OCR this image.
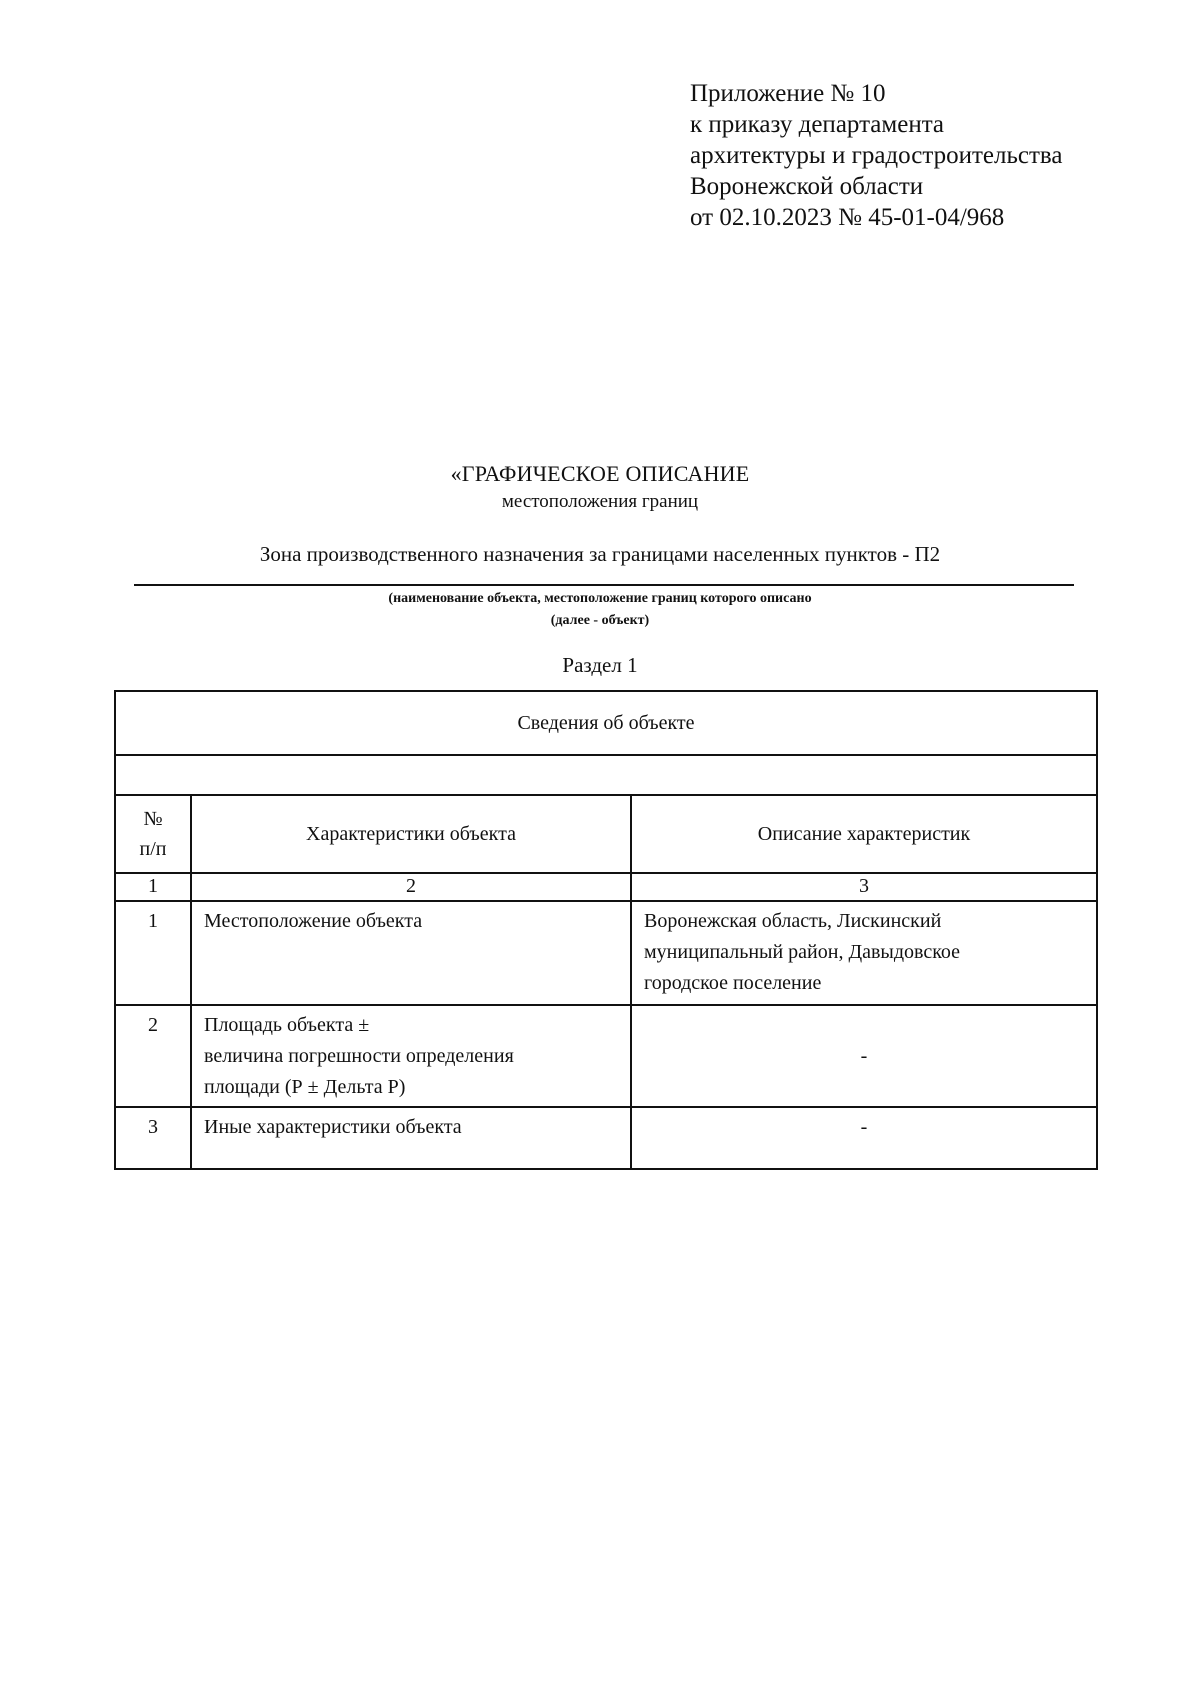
Приложение № 10
к приказу департамента
архитектуры и градостроительства
Воронежской области
от 02.10.2023 № 45-01-04/968
«ГРАФИЧЕСКОЕ ОПИСАНИЕ
местоположения границ
Зона производственного назначения за границами населенных пунктов - П2
(наименование объекта, местоположение границ которого описано
(далее - объект)
Раздел 1
Сведения об объекте		

№
п/п	Характеристики объекта	Описание характеристик
1	2	3
1	Местоположение объекта	Воронежская область, Лискинский
муниципальный район, Давыдовское
городское поселение

2	Площадь объекта ±
величина погрешности определения
площади (Р ± Дельта Р)	-
3	Иные характеристики объекта	-
